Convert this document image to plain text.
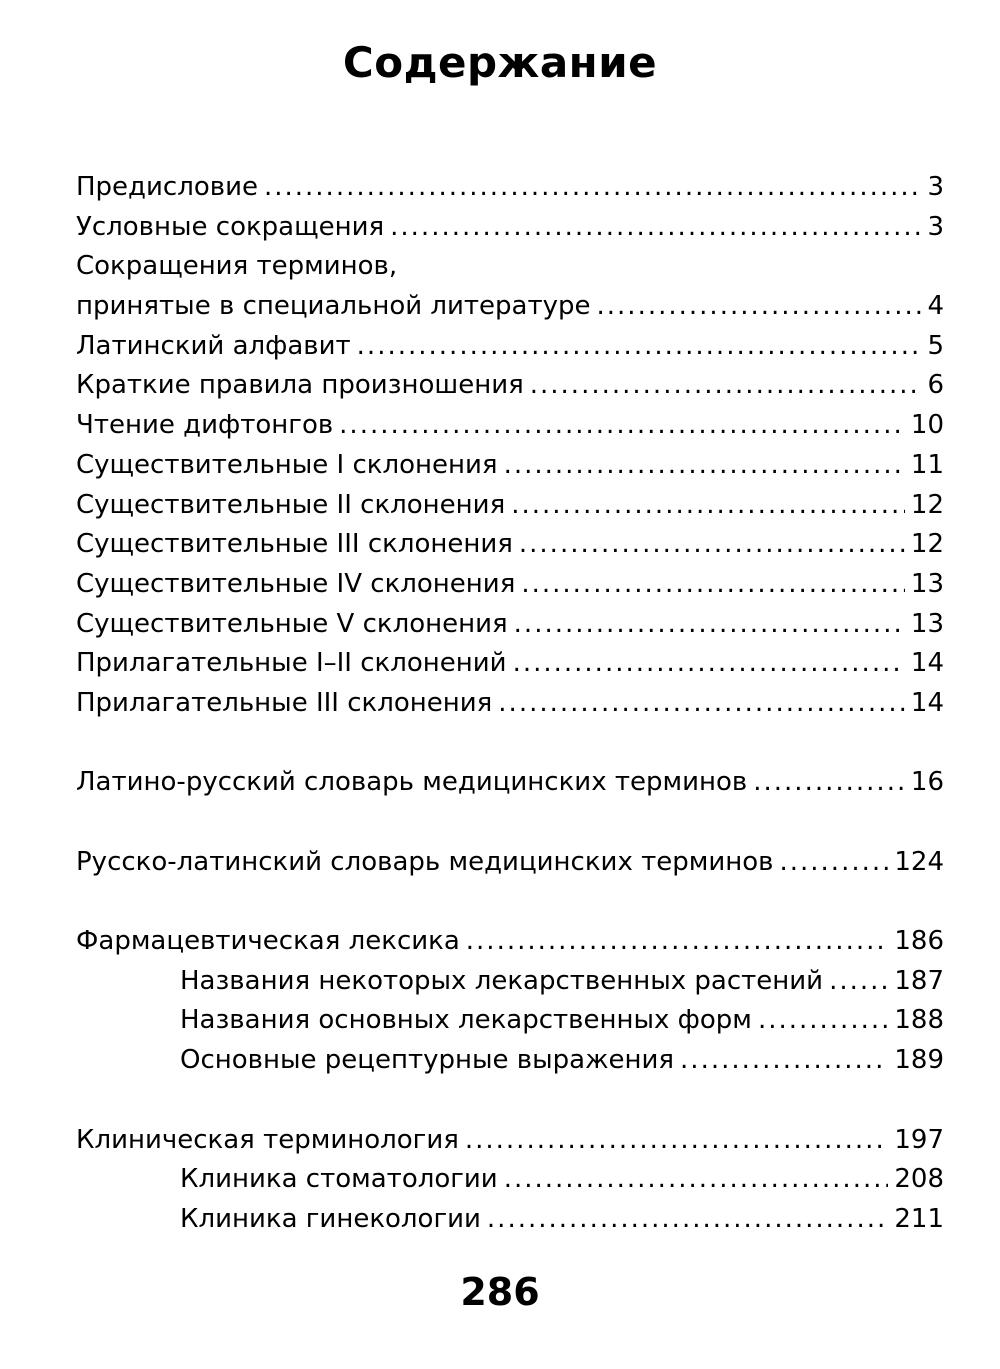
Содержание
Предисловие .....	3
Условные сокращения .....	3
Сокращения терминов,
принятые в специальной литературе .....	4
Латинский алфавит .....	5
Краткие правила произношения .....	6
Чтение дифтонгов .....	10
Существительные I склонения .....	11
Существительные II склонения .....	12
Существительные III склонения .....	12
Существительные IV склонения .....	13
Существительные V склонения .....	13
Прилагательные I–II склонений .....	14
Прилагательные III склонения .....	14
Латино-русский словарь медицинских терминов .....	16
Русско-латинский словарь медицинских терминов .....	124
Фармацевтическая лексика .....	186
Названия некоторых лекарственных растений .....	187
Названия основных лекарственных форм .....	188
Основные рецептурные выражения .....	189
Клиническая терминология .....	197
Клиника стоматологии .....	208
Клиника гинекологии .....	211
286
